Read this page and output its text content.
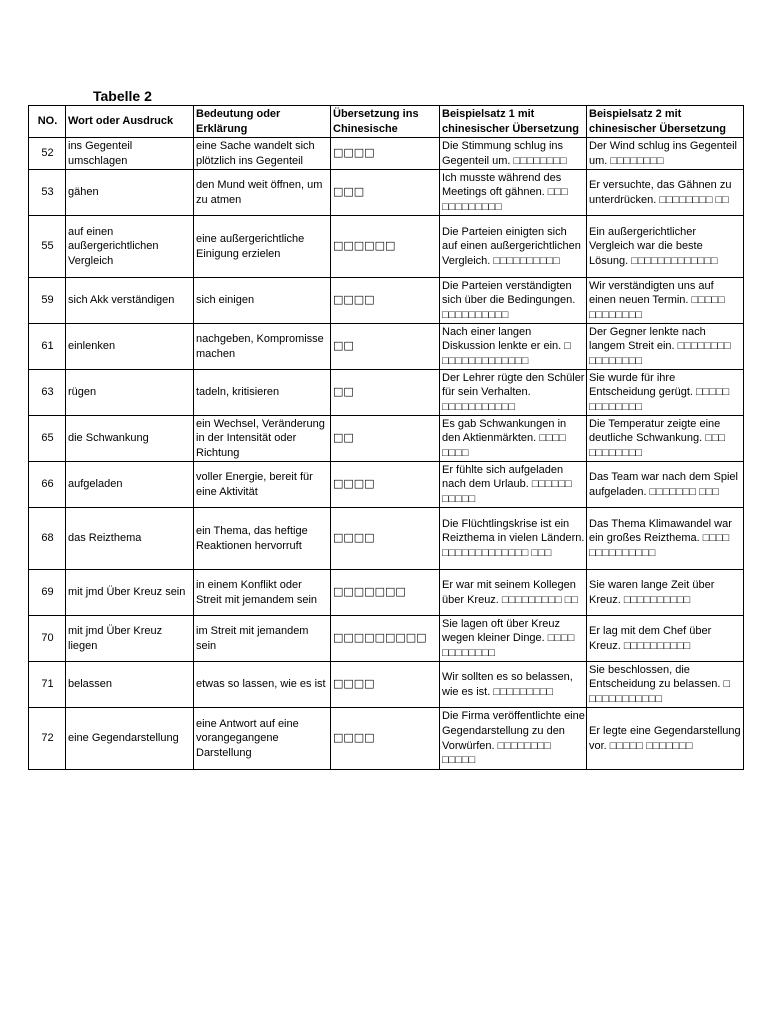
Tabelle 2
NO.	Wort oder Ausdruck	Bedeutung oder Erklärung	Übersetzung ins Chinesische	Beispielsatz 1 mit chinesischer Übersetzung	Beispielsatz 2 mit chinesischer Übersetzung
52	ins Gegenteil umschlagen	eine Sache wandelt sich plötzlich ins Gegenteil	□□□□	Die Stimmung schlug ins Gegenteil um. □□□□□□□□	Der Wind schlug ins Gegenteil um. □□□□□□□□
53	gähen	den Mund weit öffnen, um zu atmen	□□□	Ich musste während des Meetings oft gähnen. □□□ □□□□□□□□□	Er versuchte, das Gähnen zu unterdrücken. □□□□□□□□ □□
55	auf einen außergerichtlichen Vergleich	eine außergerichtliche Einigung erzielen	□□□□□□	Die Parteien einigten sich auf einen außergerichtlichen Vergleich. □□□□□□□□□□	Ein außergerichtlicher Vergleich war die beste Lösung. □□□□□□□□□□□□□
59	sich Akk verständigen	sich einigen	□□□□	Die Parteien verständigten sich über die Bedingungen. □□□□□□□□□□	Wir verständigten uns auf einen neuen Termin. □□□□□ □□□□□□□□
61	einlenken	nachgeben, Kompromisse machen	□□	Nach einer langen Diskussion lenkte er ein. □ □□□□□□□□□□□□□	Der Gegner lenkte nach langem Streit ein. □□□□□□□□ □□□□□□□□
63	rügen	tadeln, kritisieren	□□	Der Lehrer rügte den Schüler für sein Verhalten. □□□□□□□□□□□	Sie wurde für ihre Entscheidung gerügt. □□□□□ □□□□□□□□
65	die Schwankung	ein Wechsel, Veränderung in der Intensität oder Richtung	□□	Es gab Schwankungen in den Aktienmärkten. □□□□ □□□□	Die Temperatur zeigte eine deutliche Schwankung. □□□ □□□□□□□□
66	aufgeladen	voller Energie, bereit für eine Aktivität	□□□□	Er fühlte sich aufgeladen nach dem Urlaub. □□□□□□ □□□□□	Das Team war nach dem Spiel aufgeladen. □□□□□□□ □□□
68	das Reizthema	ein Thema, das heftige Reaktionen hervorruft	□□□□	Die Flüchtlingskrise ist ein Reizthema in vielen Ländern. □□□□□□□□□□□□□ □□□	Das Thema Klimawandel war ein großes Reizthema. □□□□ □□□□□□□□□□
69	mit jmd Über Kreuz sein	in einem Konflikt oder Streit mit jemandem sein	□□□□□□□	Er war mit seinem Kollegen über Kreuz. □□□□□□□□□ □□	Sie waren lange Zeit über Kreuz. □□□□□□□□□□
70	mit jmd Über Kreuz liegen	im Streit mit jemandem sein	□□□□□□□□□	Sie lagen oft über Kreuz wegen kleiner Dinge. □□□□ □□□□□□□□	Er lag mit dem Chef über Kreuz. □□□□□□□□□□
71	belassen	etwas so lassen, wie es ist	□□□□	Wir sollten es so belassen, wie es ist. □□□□□□□□□	Sie beschlossen, die Entscheidung zu belassen. □ □□□□□□□□□□□
72	eine Gegendarstellung	eine Antwort auf eine vorangegangene Darstellung	□□□□	Die Firma veröffentlichte eine Gegendarstellung zu den Vorwürfen. □□□□□□□□ □□□□□	Er legte eine Gegendarstellung vor. □□□□□ □□□□□□□
